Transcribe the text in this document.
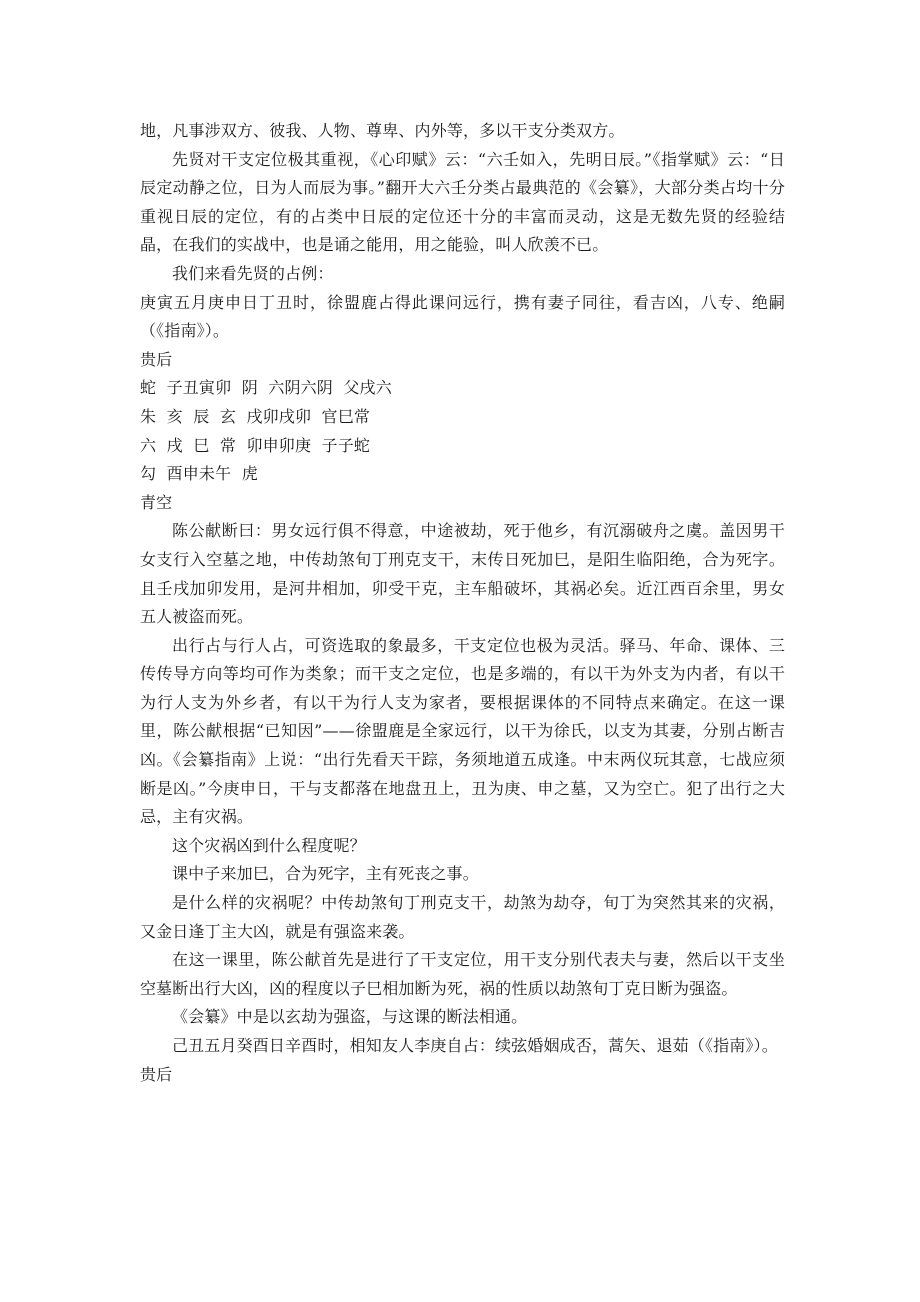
地，凡事涉双方、彼我、人物、尊卑、内外等，多以干支分类双方。

先贤对干支定位极其重视，《心印赋》云：“六壬如入，先明日辰。”《指掌赋》云：“日辰定动静之位，日为人而辰为事。”翻开大六壬分类占最典范的《会纂》，大部分类占均十分重视日辰的定位，有的占类中日辰的定位还十分的丰富而灵动，这是无数先贤的经验结晶，在我们的实战中，也是诵之能用，用之能验，叫人欣羡不已。

我们来看先贤的占例：

庚寅五月庚申日丁丑时，徐盟鹿占得此课问远行，携有妻子同往，看吉凶，八专、绝嗣（《指南》）。

贵后

蛇  子丑寅卯  阴  六阴六阴  父戌六

朱  亥  辰  玄  戌卯戌卯  官巳常

六  戌  巳  常  卯申卯庚  子子蛇

勾  酉申未午  虎

青空

陈公献断曰：男女远行俱不得意，中途被劫，死于他乡，有沉溺破舟之虞。盖因男干女支行入空墓之地，中传劫煞旬丁刑克支干，末传日死加巳，是阳生临阳绝，合为死字。且壬戌加卯发用，是河井相加，卯受干克，主车船破坏，其祸必矣。近江西百余里，男女五人被盗而死。

出行占与行人占，可资选取的象最多，干支定位也极为灵活。驿马、年命、课体、三传传导方向等均可作为类象；而干支之定位，也是多端的，有以干为外支为内者，有以干为行人支为外乡者，有以干为行人支为家者，要根据课体的不同特点来确定。在这一课里，陈公献根据“已知因”——徐盟鹿是全家远行，以干为徐氏，以支为其妻，分别占断吉凶。《会纂指南》上说：“出行先看天干踪，务须地道五成逢。中末两仪玩其意，七战应须断是凶。”今庚申日，干与支都落在地盘丑上，丑为庚、申之墓，又为空亡。犯了出行之大忌，主有灾祸。

这个灾祸凶到什么程度呢？

课中子来加巳，合为死字，主有死丧之事。

是什么样的灾祸呢？中传劫煞旬丁刑克支干，劫煞为劫夺，旬丁为突然其来的灾祸，又金日逢丁主大凶，就是有强盗来袭。

在这一课里，陈公献首先是进行了干支定位，用干支分别代表夫与妻，然后以干支坐空墓断出行大凶，凶的程度以子巳相加断为死，祸的性质以劫煞旬丁克日断为强盗。

《会纂》中是以玄劫为强盗，与这课的断法相通。

己丑五月癸酉日辛酉时，相知友人李庚自占：续弦婚姻成否，蒿矢、退茹（《指南》）。

贵后
